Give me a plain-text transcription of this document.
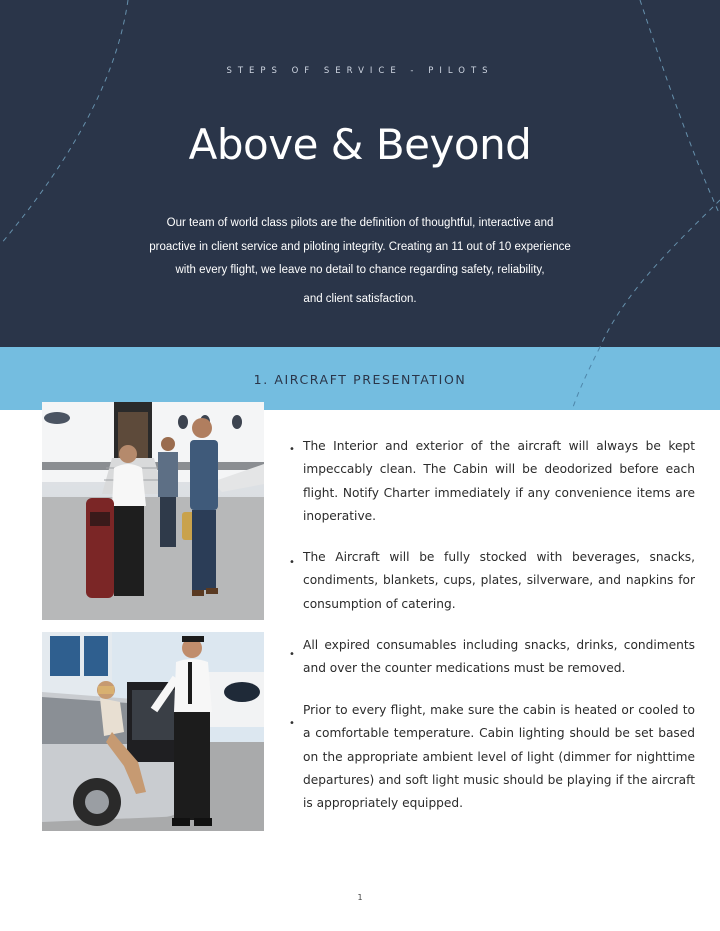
STEPS OF SERVICE - PILOTS
Above & Beyond
Our team of world class pilots are the definition of thoughtful, interactive and
proactive in client service and piloting integrity. Creating an 11 out of 10 experience
with every flight, we leave no detail to chance regarding safety, reliability,
and client satisfaction.
1. AIRCRAFT PRESENTATION
•
•
•
•

The Interior and exterior of the aircraft will always be kept impeccably clean. The Cabin will be deodorized before each flight. Notify Charter immediately if any convenience items are inoperative.

The Aircraft will be fully stocked with beverages, snacks, condiments, blankets, cups, plates, silverware, and napkins for consumption of catering.

All expired consumables including snacks, drinks, condiments and over the counter medications must be removed.

Prior to every flight, make sure the cabin is heated or cooled to a comfortable temperature. Cabin lighting should be set based on the appropriate ambient level of light (dimmer for nighttime departures) and soft light music should be playing if the aircraft is appropriately equipped.

1
